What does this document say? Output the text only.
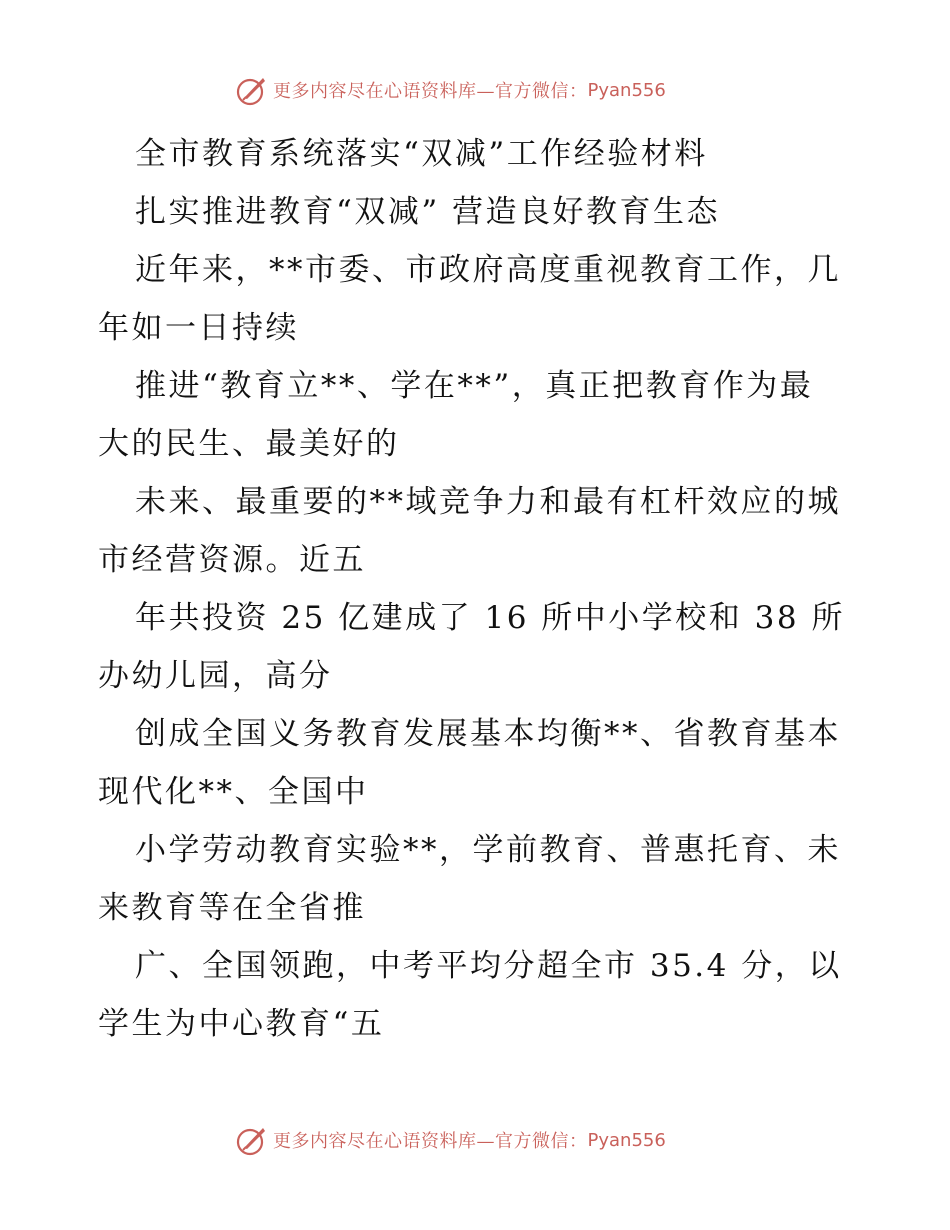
更多内容尽在心语资料库—官方微信： Pyan556

全市教育系统落实“双减”工作经验材料

扎实推进教育“双减” 营造良好教育生态

近年来，**市委、市政府高度重视教育工作，几

年如一日持续

推进“教育立**、学在**”，真正把教育作为最

大的民生、最美好的

未来、最重要的**域竞争力和最有杠杆效应的城

市经营资源。近五

年共投资 25 亿建成了 16 所中小学校和 38 所

办幼儿园，高分

创成全国义务教育发展基本均衡**、省教育基本

现代化**、全国中

小学劳动教育实验**，学前教育、普惠托育、未

来教育等在全省推

广、全国领跑，中考平均分超全市 35.4 分，以

学生为中心教育“五

更多内容尽在心语资料库—官方微信： Pyan556
